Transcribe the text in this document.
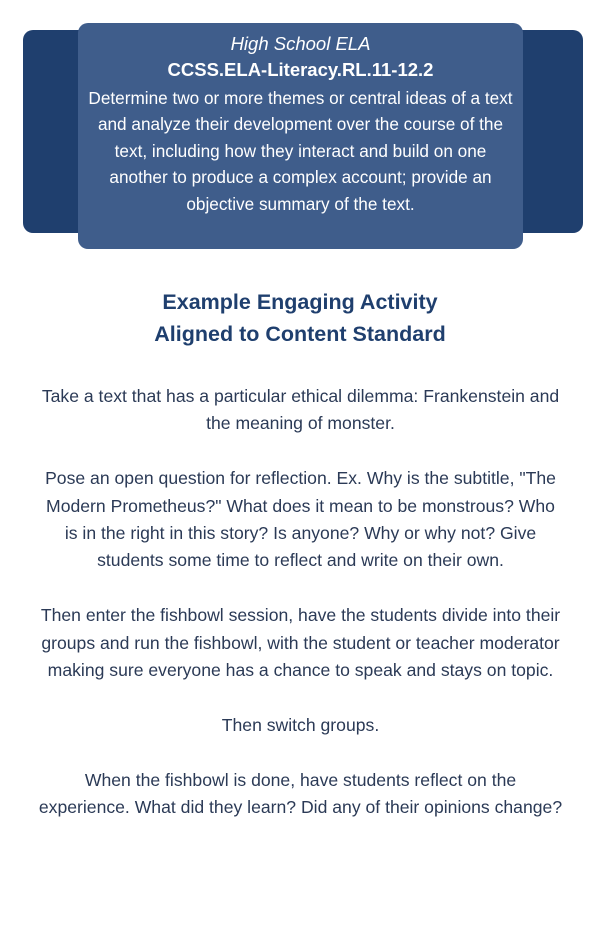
High School ELA

CCSS.ELA-Literacy.RL.11-12.2

Determine two or more themes or central ideas of a text and analyze their development over the course of the text, including how they interact and build on one another to produce a complex account; provide an objective summary of the text.

Example Engaging Activity
Aligned to Content Standard

Take a text that has a particular ethical dilemma: Frankenstein and the meaning of monster.

Pose an open question for reflection. Ex. Why is the subtitle, "The Modern Prometheus?" What does it mean to be monstrous? Who is in the right in this story? Is anyone? Why or why not? Give students some time to reflect and write on their own.

Then enter the fishbowl session, have the students divide into their groups and run the fishbowl, with the student or teacher moderator making sure everyone has a chance to speak and stays on topic.

Then switch groups.

When the fishbowl is done, have students reflect on the experience. What did they learn? Did any of their opinions change?
